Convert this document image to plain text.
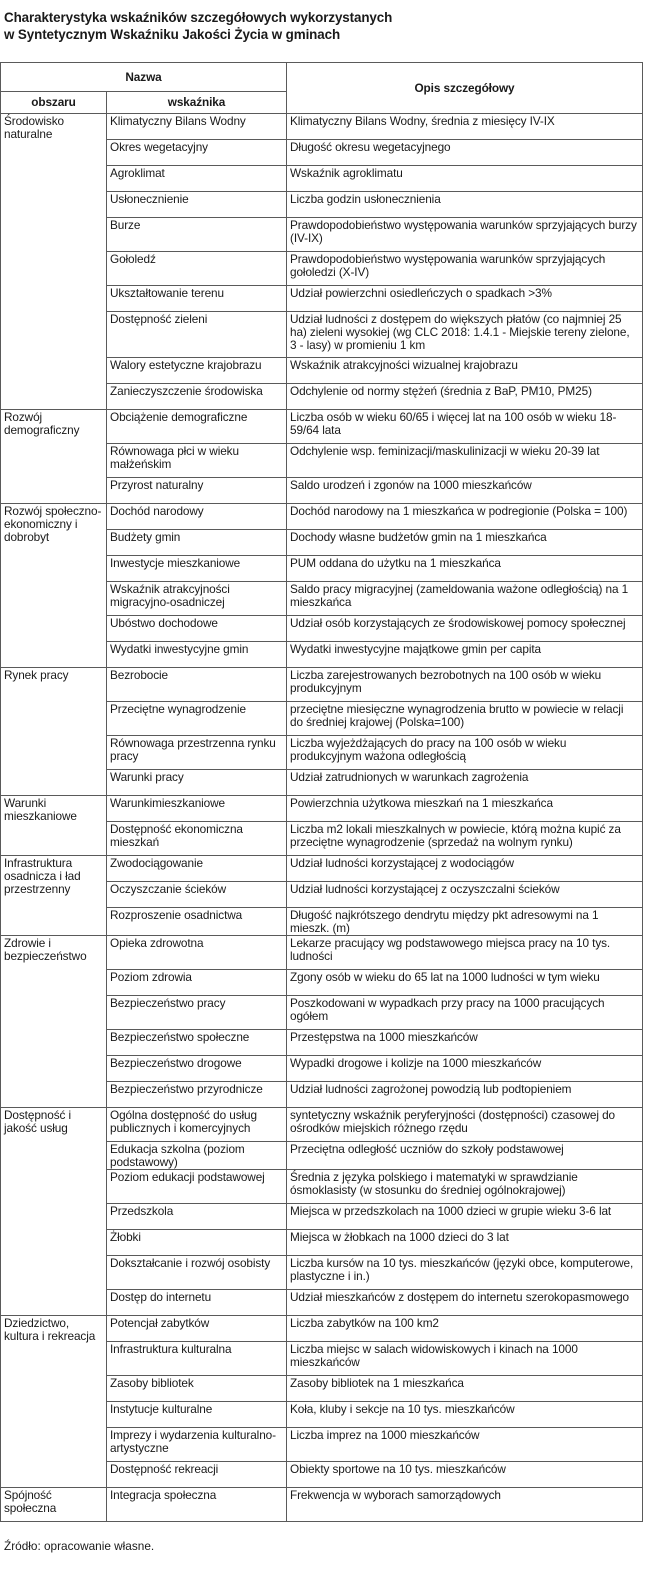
Charakterystyka wskaźników szczegółowych wykorzystanych
w Syntetycznym Wskaźniku Jakości Życia w gminach
Nazwa		Opis szczegółowy
obszaru	wskaźnika	
Środowisko naturalne	Klimatyczny Bilans Wodny	Klimatyczny Bilans Wodny, średnia z miesięcy IV-IX
	Okres wegetacyjny	Długość okresu wegetacyjnego
	Agroklimat	Wskaźnik agroklimatu
	Usłonecznienie	Liczba godzin usłonecznienia
	Burze	Prawdopodobieństwo występowania warunków sprzyjających burzy (IV-IX)
	Gołoledź	Prawdopodobieństwo występowania warunków sprzyjających gołoledzi (X-IV)
	Ukształtowanie terenu	Udział powierzchni osiedleńczych o spadkach >3%
	Dostępność zieleni	Udział ludności z dostępem do większych płatów (co najmniej 25 ha) zieleni wysokiej (wg CLC 2018: 1.4.1 - Miejskie tereny zielone, 3 - lasy) w promieniu 1 km
	Walory estetyczne krajobrazu	Wskaźnik atrakcyjności wizualnej krajobrazu
	Zanieczyszczenie środowiska	Odchylenie od normy stężeń (średnia z BaP, PM10, PM25)
Rozwój demograficzny	Obciążenie demograficzne	Liczba osób w wieku 60/65 i więcej lat na 100 osób w wieku 18-59/64 lata
	Równowaga płci w wieku małżeńskim	Odchylenie wsp. feminizacji/maskulinizacji w wieku 20-39 lat
	Przyrost naturalny	Saldo urodzeń i zgonów na 1000 mieszkańców
Rozwój społeczno-ekonomiczny i dobrobyt	Dochód narodowy	Dochód narodowy na 1 mieszkańca w podregionie (Polska = 100)
	Budżety gmin	Dochody własne budżetów gmin na 1 mieszkańca
	Inwestycje mieszkaniowe	PUM oddana do użytku na 1 mieszkańca
	Wskaźnik atrakcyjności migracyjno-osadniczej	Saldo pracy migracyjnej (zameldowania ważone odległością) na 1 mieszkańca
	Ubóstwo dochodowe	Udział osób korzystających ze środowiskowej pomocy społecznej
	Wydatki inwestycyjne gmin	Wydatki inwestycyjne majątkowe gmin per capita
Rynek pracy	Bezrobocie	Liczba zarejestrowanych bezrobotnych na 100 osób w wieku produkcyjnym
	Przeciętne wynagrodzenie	przeciętne miesięczne wynagrodzenia brutto w powiecie w relacji do średniej krajowej (Polska=100)
	Równowaga przestrzenna rynku pracy	Liczba wyjeżdżających do pracy na 100 osób w wieku produkcyjnym ważona odległością
	Warunki pracy	Udział zatrudnionych w warunkach zagrożenia
Warunki mieszkaniowe	Warunkimieszkaniowe	Powierzchnia użytkowa mieszkań na 1 mieszkańca
	Dostępność ekonomiczna mieszkań	Liczba m2 lokali mieszkalnych w powiecie, którą można kupić za przeciętne wynagrodzenie (sprzedaż na wolnym rynku)
Infrastruktura osadnicza i ład przestrzenny	Zwodociągowanie	Udział ludności korzystającej z wodociągów
	Oczyszczanie ścieków	Udział ludności korzystającej z oczyszczalni ścieków
	Rozproszenie osadnictwa	Długość najkrótszego dendrytu między pkt adresowymi na 1 mieszk. (m)
Zdrowie i bezpieczeństwo	Opieka zdrowotna	Lekarze pracujący wg podstawowego miejsca pracy na 10 tys. ludności
	Poziom zdrowia	Zgony osób w wieku do 65 lat na 1000 ludności w tym wieku
	Bezpieczeństwo pracy	Poszkodowani w wypadkach przy pracy na 1000 pracujących ogółem
	Bezpieczeństwo społeczne	Przestępstwa na 1000 mieszkańców
	Bezpieczeństwo drogowe	Wypadki drogowe i kolizje na 1000 mieszkańców
	Bezpieczeństwo przyrodnicze	Udział ludności zagrożonej powodzią lub podtopieniem
Dostępność i jakość usług	Ogólna dostępność do usług publicznych i komercyjnych	syntetyczny wskaźnik peryferyjności (dostępności) czasowej do ośrodków miejskich różnego rzędu
	Edukacja szkolna (poziom podstawowy)	Przeciętna odległość uczniów do szkoły podstawowej
	Poziom edukacji podstawowej	Średnia z języka polskiego i matematyki w sprawdzianie ósmoklasisty (w stosunku do średniej ogólnokrajowej)
	Przedszkola	Miejsca w przedszkolach na 1000 dzieci w grupie wieku 3-6 lat
	Żłobki	Miejsca w żłobkach na 1000 dzieci do 3 lat
	Dokształcanie i rozwój osobisty	Liczba kursów na 10 tys. mieszkańców (języki obce, komputerowe, plastyczne i in.)
	Dostęp do internetu	Udział mieszkańców z dostępem do internetu szerokopasmowego
Dziedzictwo, kultura i rekreacja	Potencjał zabytków	Liczba zabytków na 100 km2
	Infrastruktura kulturalna	Liczba miejsc w salach widowiskowych i kinach na 1000 mieszkańców
	Zasoby bibliotek	Zasoby bibliotek na 1 mieszkańca
	Instytucje kulturalne	Koła, kluby i sekcje na 10 tys. mieszkańców
	Imprezy i wydarzenia kulturalno-artystyczne	Liczba imprez na 1000 mieszkańców
	Dostępność rekreacji	Obiekty sportowe na 10 tys. mieszkańców
Spójność społeczna	Integracja społeczna	Frekwencja w wyborach samorządowych
Źródło: opracowanie własne.
